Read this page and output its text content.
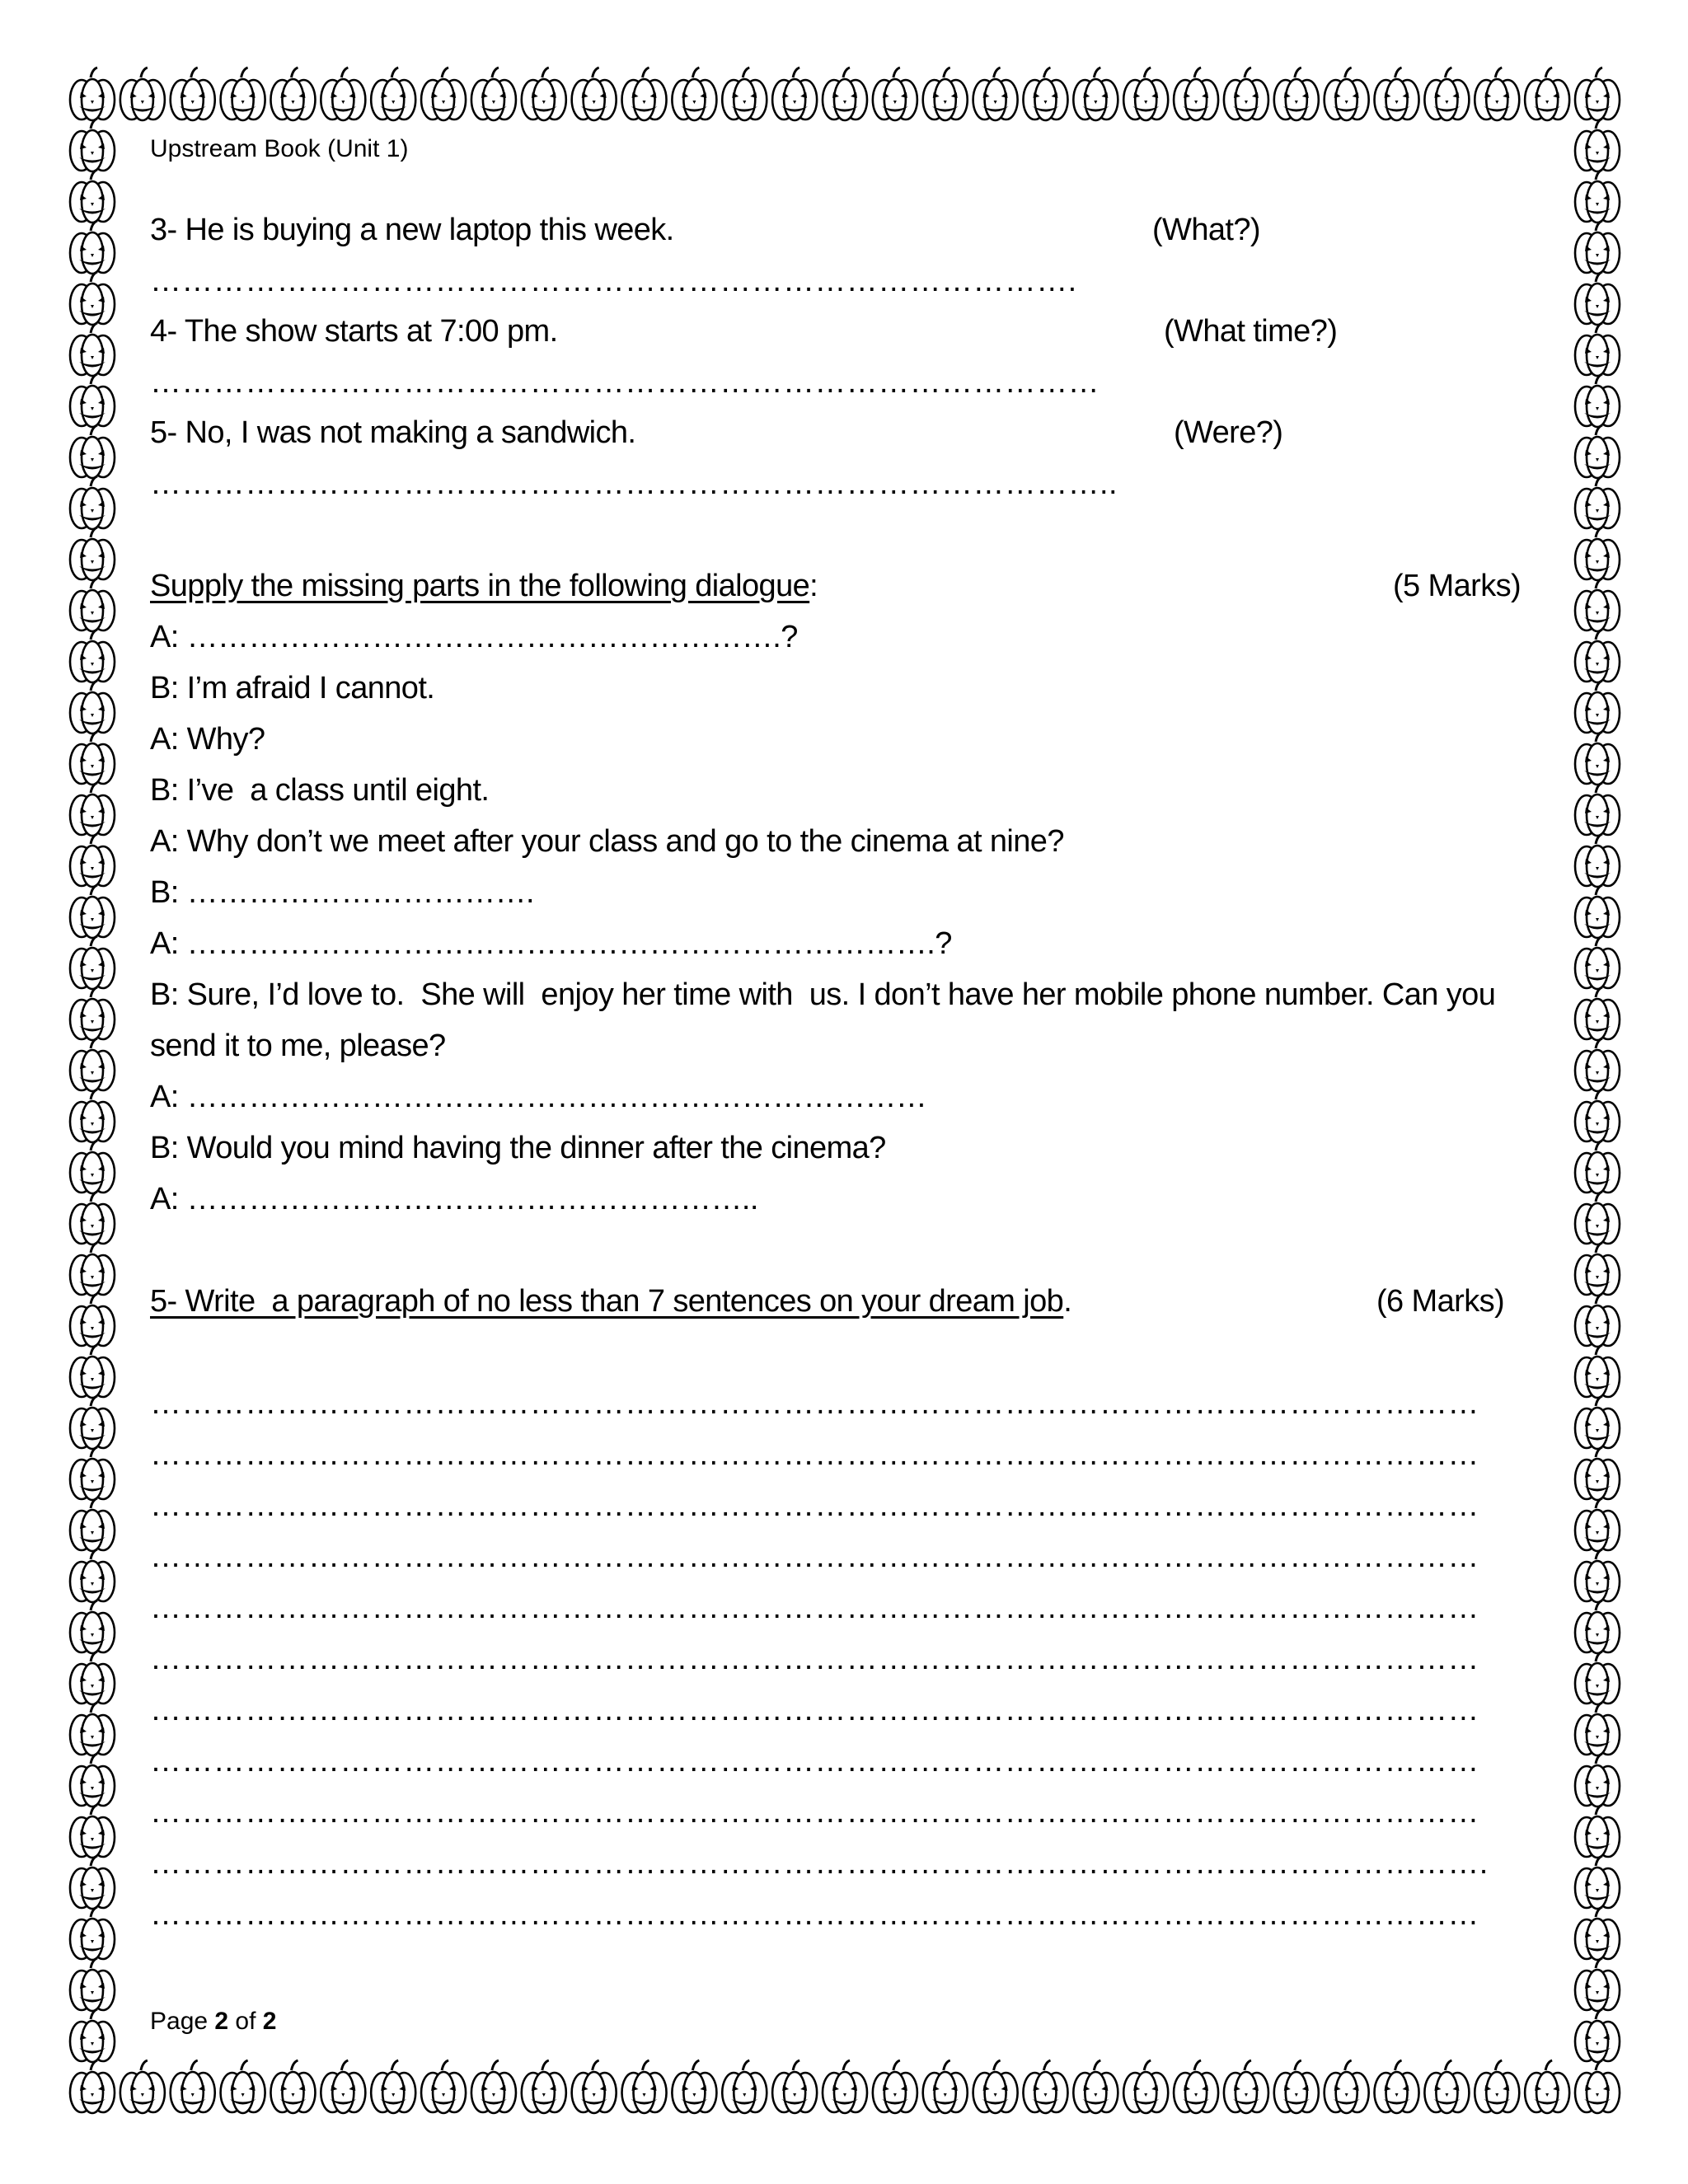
Upstream Book (Unit 1)
3- He is buying a new laptop this week.	(What?)
…………………………………………………………………………….
4- The show starts at 7:00 pm.	(What time?)
………………………………………………………………………………
5- No, I was not making a sandwich.	(Were?)
………………………………………………………………………………..
Supply the missing parts in the following dialogue:	(5 Marks)
A: ………………………………………………….?
B: I’m afraid I cannot.
A: Why?
B: I’ve  a class until eight.
A: Why don’t we meet after your class and go to the cinema at nine?
B: …………………………….
A: ……………………………………………………………….?
B: Sure, I’d love to.  She will  enjoy her time with  us. I don’t have her mobile phone number. Can you
send it to me, please?
A: ………………………………………………………………
B: Would you mind having the dinner after the cinema?
A: ………………………………………………..
5- Write  a paragraph of no less than 7 sentences on your dream job.	(6 Marks)
………………………………………………………………………………………………………………
………………………………………………………………………………………………………………
………………………………………………………………………………………………………………
………………………………………………………………………………………………………………
………………………………………………………………………………………………………………
………………………………………………………………………………………………………………
………………………………………………………………………………………………………………
………………………………………………………………………………………………………………
………………………………………………………………………………………………………………
……………………………………………………………………………………………………………….
………………………………………………………………………………………………………………
Page 2 of 2
